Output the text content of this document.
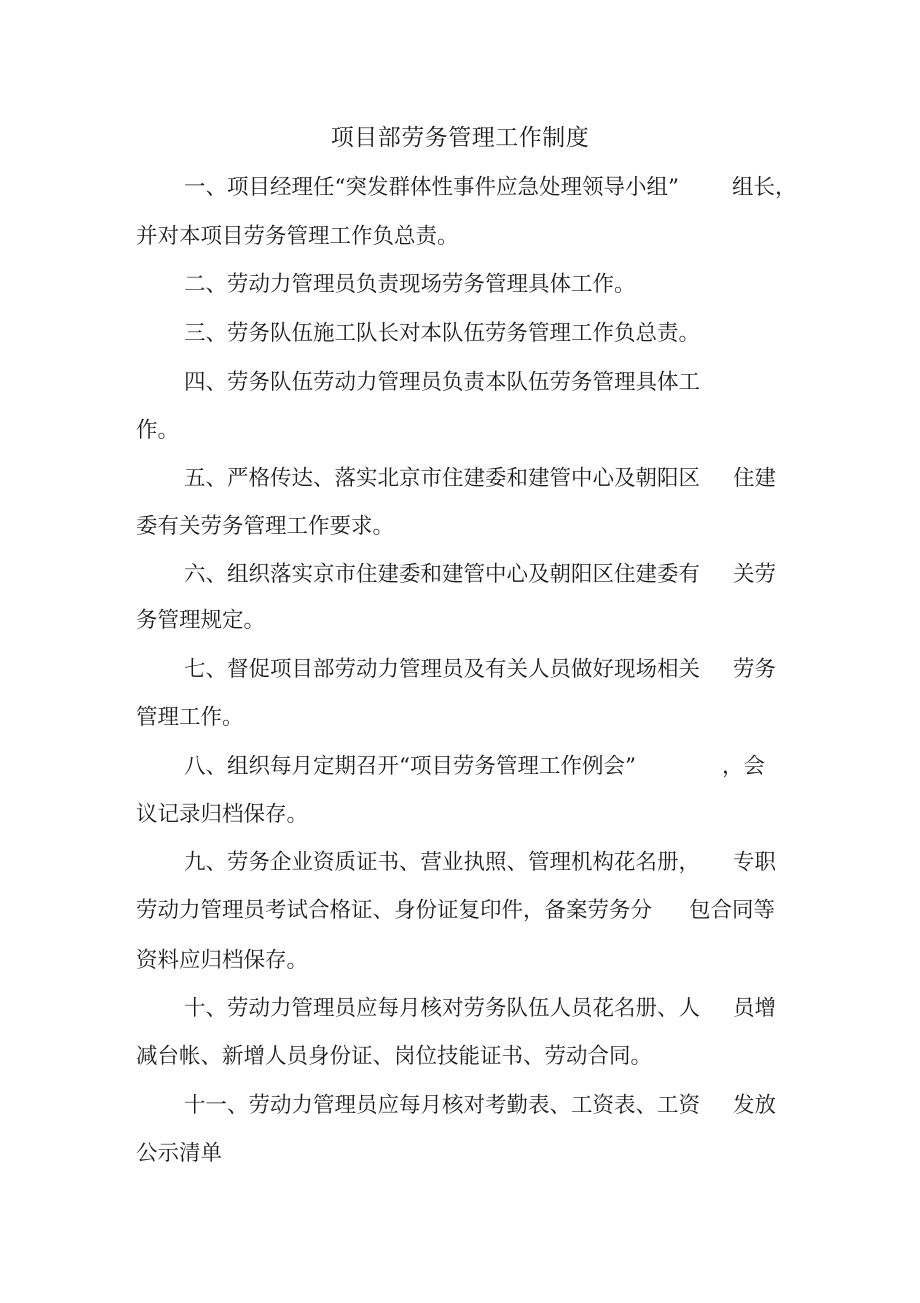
项目部劳务管理工作制度
一、项目经理任“突发群体性事件应急处理领导小组” 组长，
并对本项目劳务管理工作负总责。
二、劳动力管理员负责现场劳务管理具体工作。
三、劳务队伍施工队长对本队伍劳务管理工作负总责。
四、劳务队伍劳动力管理员负责本队伍劳务管理具体工
作。
五、严格传达、落实北京市住建委和建管中心及朝阳区 住建
委有关劳务管理工作要求。
六、组织落实京市住建委和建管中心及朝阳区住建委有 关劳
务管理规定。
七、督促项目部劳动力管理员及有关人员做好现场相关 劳务
管理工作。
八、组织每月定期召开“项目劳务管理工作例会”	，会
议记录归档保存。
九、劳务企业资质证书、营业执照、管理机构花名册， 专职
劳动力管理员考试合格证、身份证复印件，备案劳务分 包合同等
资料应归档保存。
十、劳动力管理员应每月核对劳务队伍人员花名册、人 员增
减台帐、新增人员身份证、岗位技能证书、劳动合同。
十一、劳动力管理员应每月核对考勤表、工资表、工资 发放
公示清单
